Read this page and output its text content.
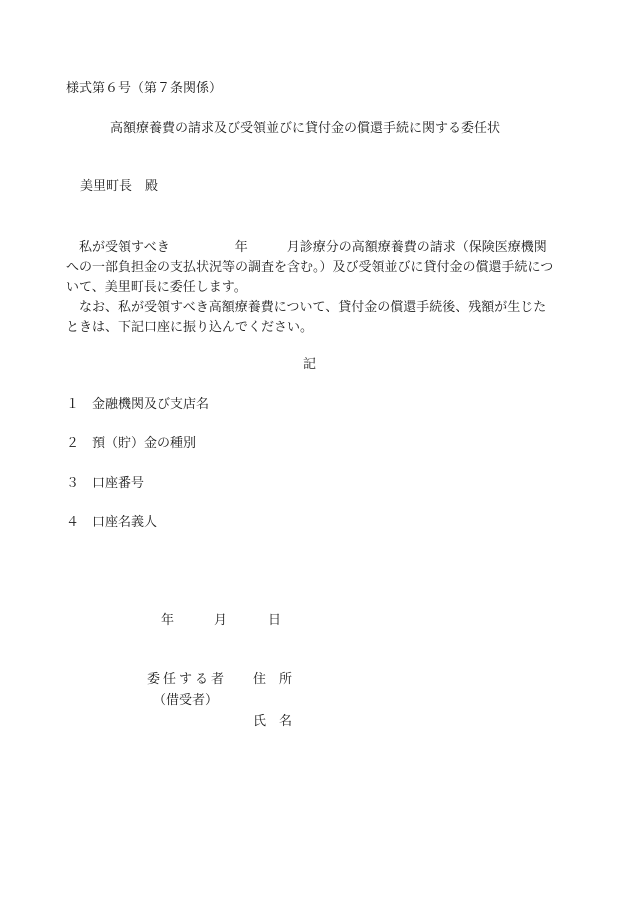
様式第６号（第７条関係）
高額療養費の請求及び受領並びに貸付金の償還手続に関する委任状
美里町長　殿

　私が受領すべき　　　　　年　　　月診療分の高額療養費の請求（保険医療機関への一部負担金の支払状況等の調査を含む。）及び受領並びに貸付金の償還手続について、美里町長に委任します。

　なお、私が受領すべき高額療養費について、貸付金の償還手続後、残額が生じたときは、下記口座に振り込んでください。

記
１ 金融機関及び支店名
２ 預（貯）金の種別
３ 口座番号
４ 口座名義人
年	月	日
委任する者 住　所
（借受者）
氏　名
